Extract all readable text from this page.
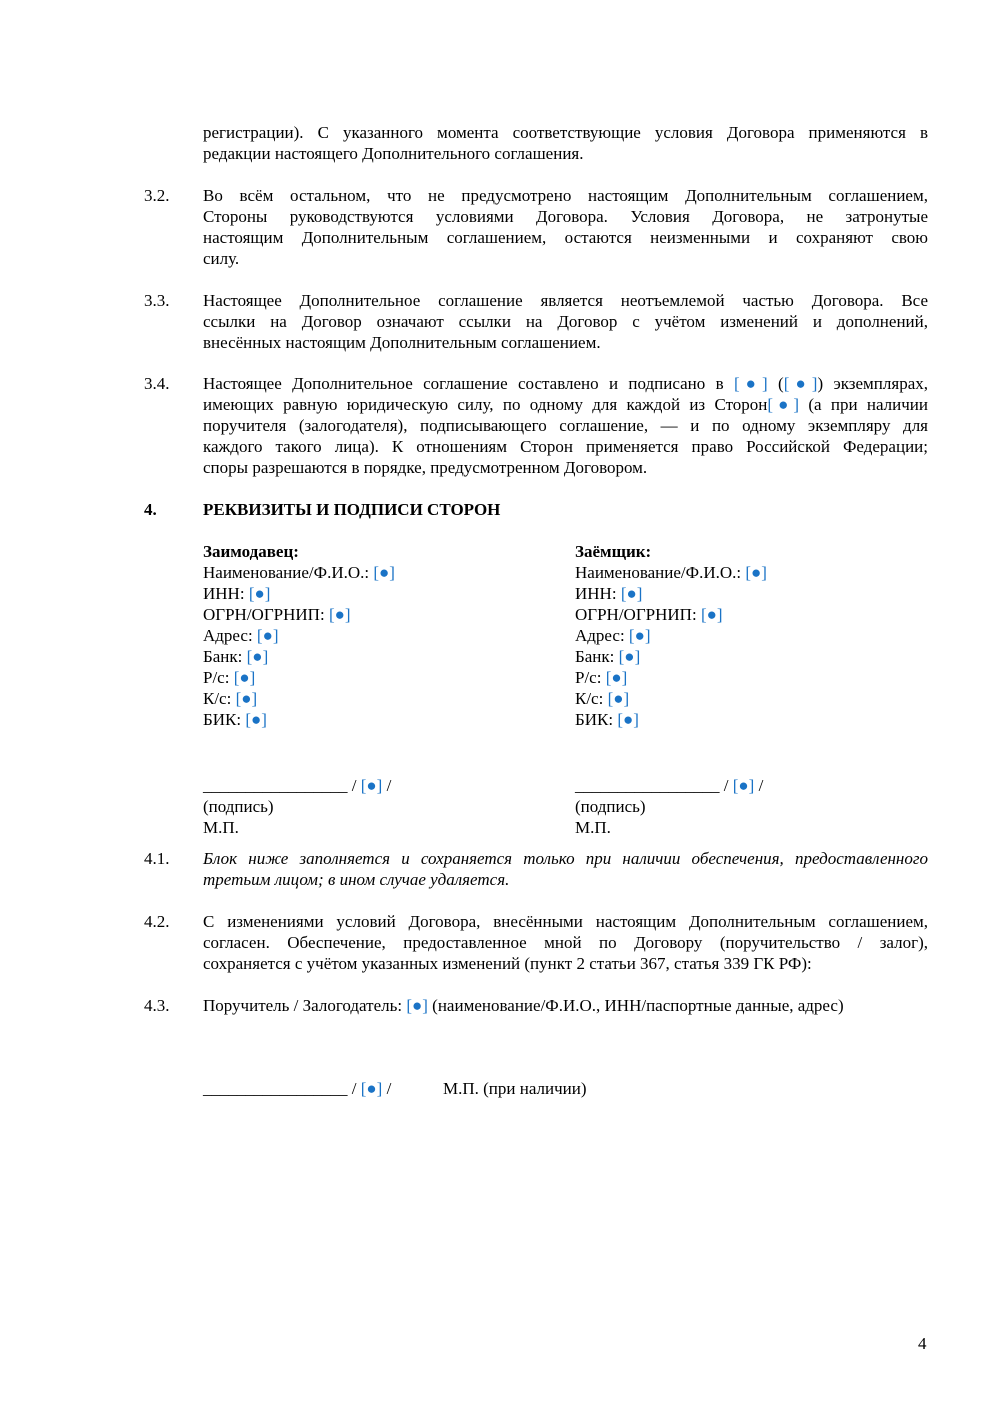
регистрации). С указанного момента соответствующие условия Договора применяются в
редакции настоящего Дополнительного соглашения.
3.2. Во всём остальном, что не предусмотрено настоящим Дополнительным соглашением,
Стороны руководствуются условиями Договора. Условия Договора, не затронутые
настоящим Дополнительным соглашением, остаются неизменными и сохраняют свою
силу.
3.3. Настоящее Дополнительное соглашение является неотъемлемой частью Договора. Все
ссылки на Договор означают ссылки на Договор с учётом изменений и дополнений,
внесённых настоящим Дополнительным соглашением.
3.4. Настоящее Дополнительное соглашение составлено и подписано в [●] ([●]) экземплярах,
имеющих равную юридическую силу, по одному для каждой из Сторон[●] (а при наличии
поручителя (залогодателя), подписывающего соглашение, — и по одному экземпляру для
каждого такого лица). К отношениям Сторон применяется право Российской Федерации;
споры разрешаются в порядке, предусмотренном Договором.
4.	РЕКВИЗИТЫ И ПОДПИСИ СТОРОН
Заимодавец:
Наименование/Ф.И.О.: [●]
ИНН: [●]
ОГРН/ОГРНИП: [●]
Адрес: [●]
Банк: [●]
Р/с: [●]
К/с: [●]
БИК: [●]
Заёмщик:
Наименование/Ф.И.О.: [●]
ИНН: [●]
ОГРН/ОГРНИП: [●]
Адрес: [●]
Банк: [●]
Р/с: [●]
К/с: [●]
БИК: [●]
_________________ / [●] /
(подпись)
М.П.
_________________ / [●] /
(подпись)
М.П.
4.1. Блок ниже заполняется и сохраняется только при наличии обеспечения, предоставленного
третьим лицом; в ином случае удаляется.
4.2. С изменениями условий Договора, внесёнными настоящим Дополнительным соглашением,
согласен. Обеспечение, предоставленное мной по Договору (поручительство / залог),
сохраняется с учётом указанных изменений (пункт 2 статьи 367, статья 339 ГК РФ):
4.3. Поручитель / Залогодатель: [●] (наименование/Ф.И.О., ИНН/паспортные данные, адрес)
_________________ / [●] /	М.П. (при наличии)
4
